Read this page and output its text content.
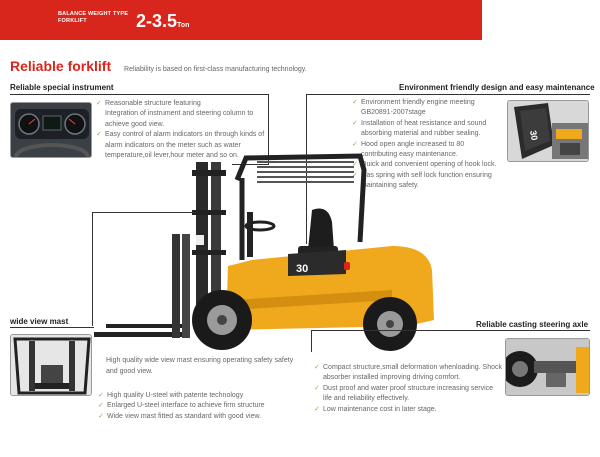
BALANCE WEIGHT TYPE
FORKLIFT	2-3.5Ton
Reliable forklift Reliability is based on first-class manufacturing technology.
Reliable special instrument
✓ Reasonable structure featuring
Integration of instrument and steering column to achieve good view.
✓ Easy control of alarm indicators on through kinds of alarm indicators on the meter such as water temperature,oil lever,hour meter and so on.
Environment friendly design and easy maintenance
✓ Environment friendly engine meeting GB20891-2007stage
✓ Installation of heat resistance and sound absorbing material and rubber sealing.
✓ Hood open angle increased to 80 contributing easy maintenance.
✓ Quick and convenient opening of hook lock.
✓ Gas spring with self lock function ensuring maintaining safety.
30
30
wide view mast
High quality wide view mast ensuring operating safety safety and good view.
✓ High quality U-steel with patente technology
✓ Enlarged U-steel interface to achieve firm structure
✓ Wide view mast fitted as standard with good view.
Reliable casting steering axle
✓ Compact structure,small deformation whenloading. Shock absorber installed improving driving comfort.
✓ Dust proof and water proof structure increasing service life and reliability effectively.
✓ Low maintenance cost in later stage.
